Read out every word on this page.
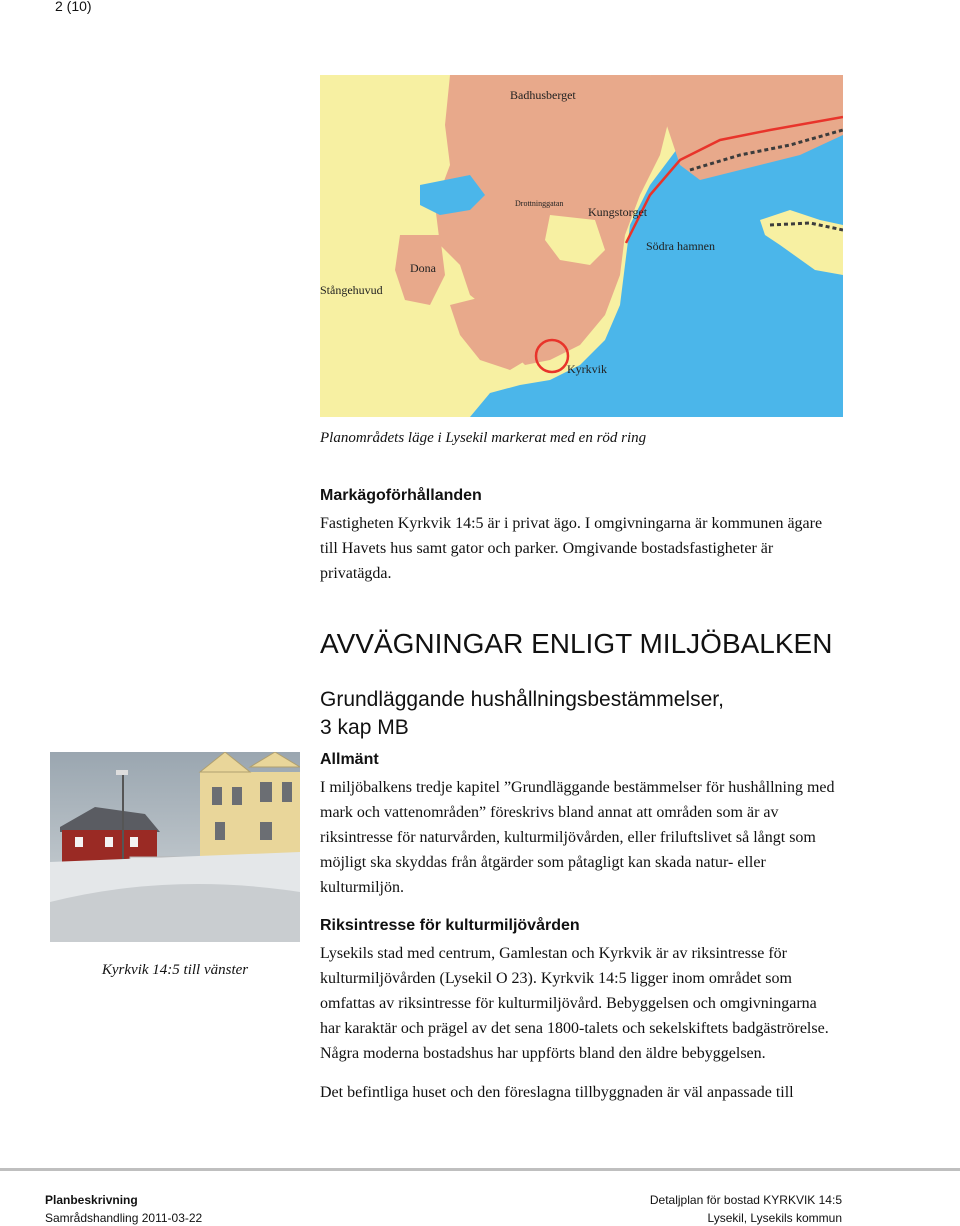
2 (10)
Badhusberget
Drottninggatan
Kungstorget
Södra hamnen
Dona
Stångehuvud
Kyrkvik
Planområdets läge i Lysekil markerat med en röd ring
Markägoförhållanden
Fastigheten Kyrkvik 14:5 är i privat ägo. I omgivningarna är kommunen ägare till Havets hus samt gator och parker. Omgivande bostadsfastigheter är privatägda.
AVVÄGNINGAR ENLIGT MILJÖBALKEN
Grundläggande hushållningsbestämmelser,
3 kap MB
Kyrkvik 14:5 till vänster
Allmänt
I miljöbalkens tredje kapitel ”Grundläggande bestämmelser för hushållning med mark och vattenområden” föreskrivs bland annat att områden som är av riksintresse för naturvården, kulturmiljövården, eller friluftslivet så långt som möjligt ska skyddas från åtgärder som påtagligt kan skada natur- eller kulturmiljön.
Riksintresse för kulturmiljövården
Lysekils stad med centrum, Gamlestan och Kyrkvik är av riksintresse för kulturmiljövården (Lysekil O 23). Kyrkvik 14:5 ligger inom området som omfattas av riksintresse för kulturmiljövård. Bebyggelsen och omgivningarna har karaktär och prägel av det sena 1800-talets och sekelskiftets badgäströrelse. Några moderna bostadshus har uppförts bland den äldre bebyggelsen.
Det befintliga huset och den föreslagna tillbyggnaden är väl anpassade till
Planbeskrivning
Samrådshandling 2011-03-22
Detaljplan för bostad KYRKVIK 14:5
Lysekil, Lysekils kommun
